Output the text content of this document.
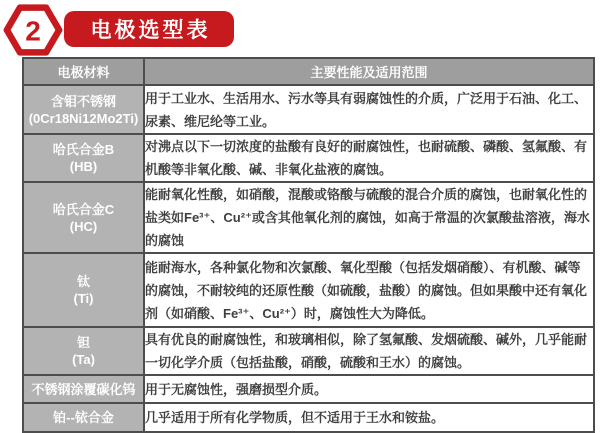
2 电极选型表
电极材料	主要性能及适用范围

含钼不锈钢
(0Cr18Ni12Mo2Ti)	用于工业水、生活用水、污水等具有弱腐蚀性的介质，广泛用于石油、化工、尿素、维尼纶等工业。

哈氏合金B
(HB)	对沸点以下一切浓度的盐酸有良好的耐腐蚀性，也耐硫酸、磷酸、氢氟酸、有机酸等非氧化酸、碱、非氧化盐液的腐蚀。

哈氏合金C
(HC)	能耐氧化性酸，如硝酸，混酸或铬酸与硫酸的混合介质的腐蚀，也耐氧化性的盐类如Fe³⁺、Cu²⁺或含其他氧化剂的腐蚀，如高于常温的次氯酸盐溶液，海水的腐蚀

钛
(Ti)	能耐海水，各种氯化物和次氯酸、氧化型酸（包括发烟硝酸）、有机酸、碱等的腐蚀，不耐较纯的还原性酸（如硫酸，盐酸）的腐蚀。但如果酸中还有氧化剂（如硝酸、Fe³⁺、Cu²⁺）时，腐蚀性大为降低。

钽
(Ta)	具有优良的耐腐蚀性，和玻璃相似，除了氢氟酸、发烟硫酸、碱外，几乎能耐一切化学介质（包括盐酸，硝酸，硫酸和王水）的腐蚀。

不锈钢涂覆碳化钨	用于无腐蚀性，强磨损型介质。

铂--铱合金	几乎适用于所有化学物质，但不适用于王水和铵盐。
